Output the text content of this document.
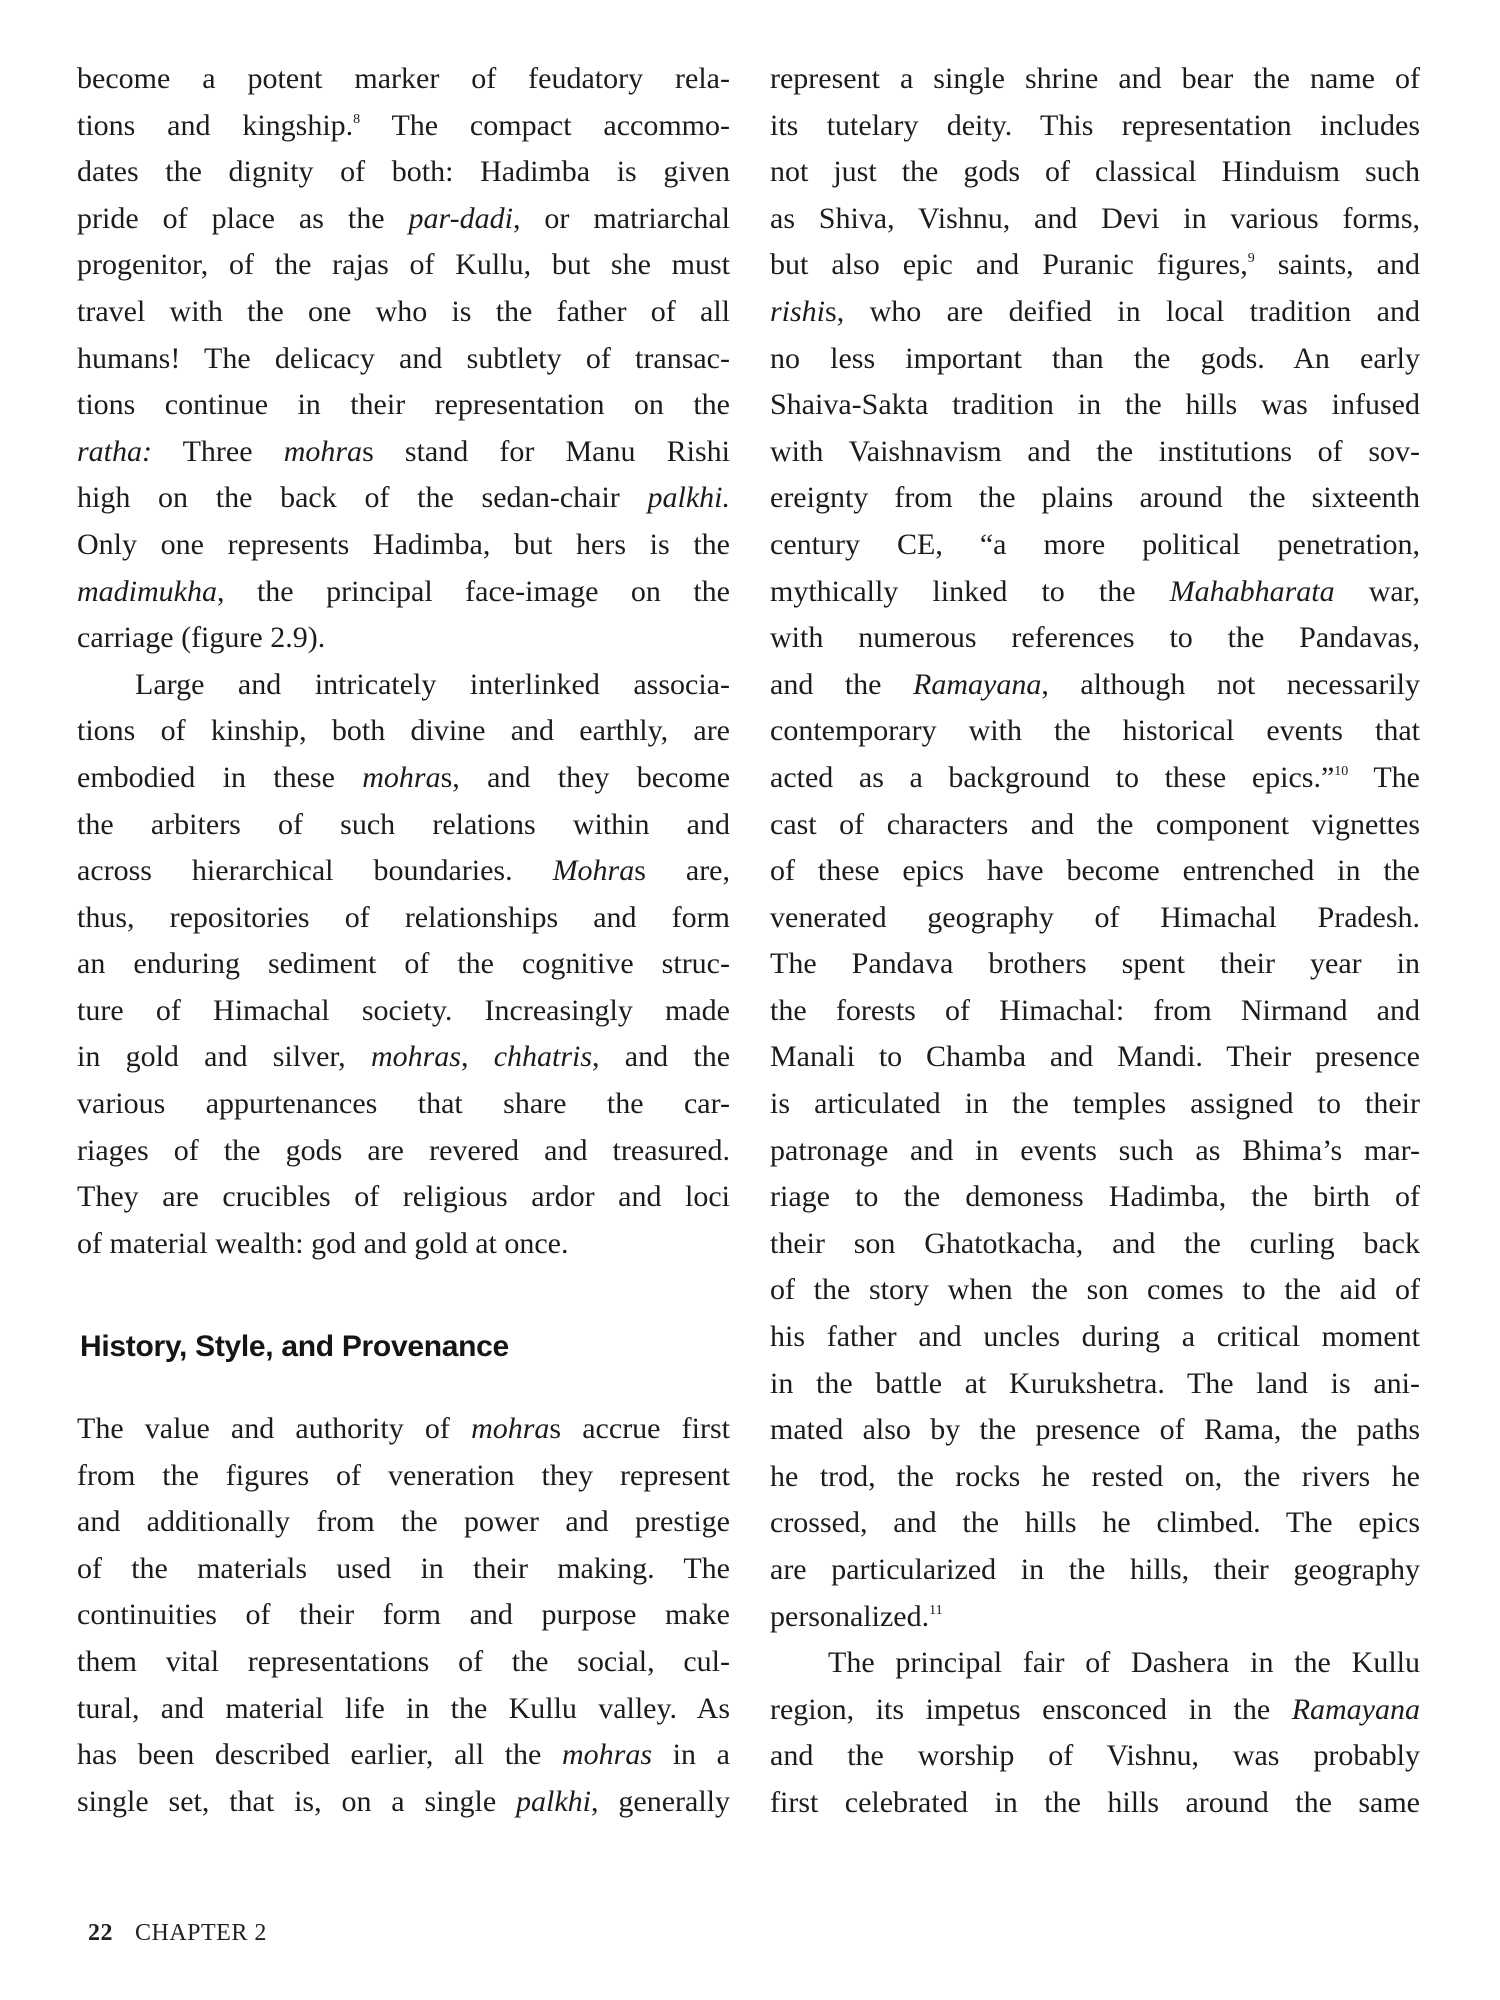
become a potent marker of feudatory rela-
tions and kingship.$^8$ The compact accommo-
dates the dignity of both: Hadimba is given
pride of place as the par-dadi, or matriarchal
progenitor, of the rajas of Kullu, but she must
travel with the one who is the father of all
humans! The delicacy and subtlety of transac-
tions continue in their representation on the
ratha: Three mohras stand for Manu Rishi
high on the back of the sedan-chair palkhi.
Only one represents Hadimba, but hers is the
madimukha, the principal face-image on the
carriage (figure 2.9).
Large and intricately interlinked associa-
tions of kinship, both divine and earthly, are
embodied in these mohras, and they become
the arbiters of such relations within and
across hierarchical boundaries. Mohras are,
thus, repositories of relationships and form
an enduring sediment of the cognitive struc-
ture of Himachal society. Increasingly made
in gold and silver, mohras, chhatris, and the
various appurtenances that share the car-
riages of the gods are revered and treasured.
They are crucibles of religious ardor and loci
of material wealth: god and gold at once.
History, Style, and Provenance
The value and authority of mohras accrue first
from the figures of veneration they represent
and additionally from the power and prestige
of the materials used in their making. The
continuities of their form and purpose make
them vital representations of the social, cul-
tural, and material life in the Kullu valley. As
has been described earlier, all the mohras in a
single set, that is, on a single palkhi, generally
represent a single shrine and bear the name of
its tutelary deity. This representation includes
not just the gods of classical Hinduism such
as Shiva, Vishnu, and Devi in various forms,
but also epic and Puranic figures,$^9$ saints, and
rishis, who are deified in local tradition and
no less important than the gods. An early
Shaiva-Sakta tradition in the hills was infused
with Vaishnavism and the institutions of sov-
ereignty from the plains around the sixteenth
century CE, “a more political penetration,
mythically linked to the Mahabharata war,
with numerous references to the Pandavas,
and the Ramayana, although not necessarily
contemporary with the historical events that
acted as a background to these epics.”$^{10}$ The
cast of characters and the component vignettes
of these epics have become entrenched in the
venerated geography of Himachal Pradesh.
The Pandava brothers spent their year in
the forests of Himachal: from Nirmand and
Manali to Chamba and Mandi. Their presence
is articulated in the temples assigned to their
patronage and in events such as Bhima’s mar-
riage to the demoness Hadimba, the birth of
their son Ghatotkacha, and the curling back
of the story when the son comes to the aid of
his father and uncles during a critical moment
in the battle at Kurukshetra. The land is ani-
mated also by the presence of Rama, the paths
he trod, the rocks he rested on, the rivers he
crossed, and the hills he climbed. The epics
are particularized in the hills, their geography
personalized.$^{11}$
The principal fair of Dashera in the Kullu
region, its impetus ensconced in the Ramayana
and the worship of Vishnu, was probably
first celebrated in the hills around the same
22 CHAPTER 2
